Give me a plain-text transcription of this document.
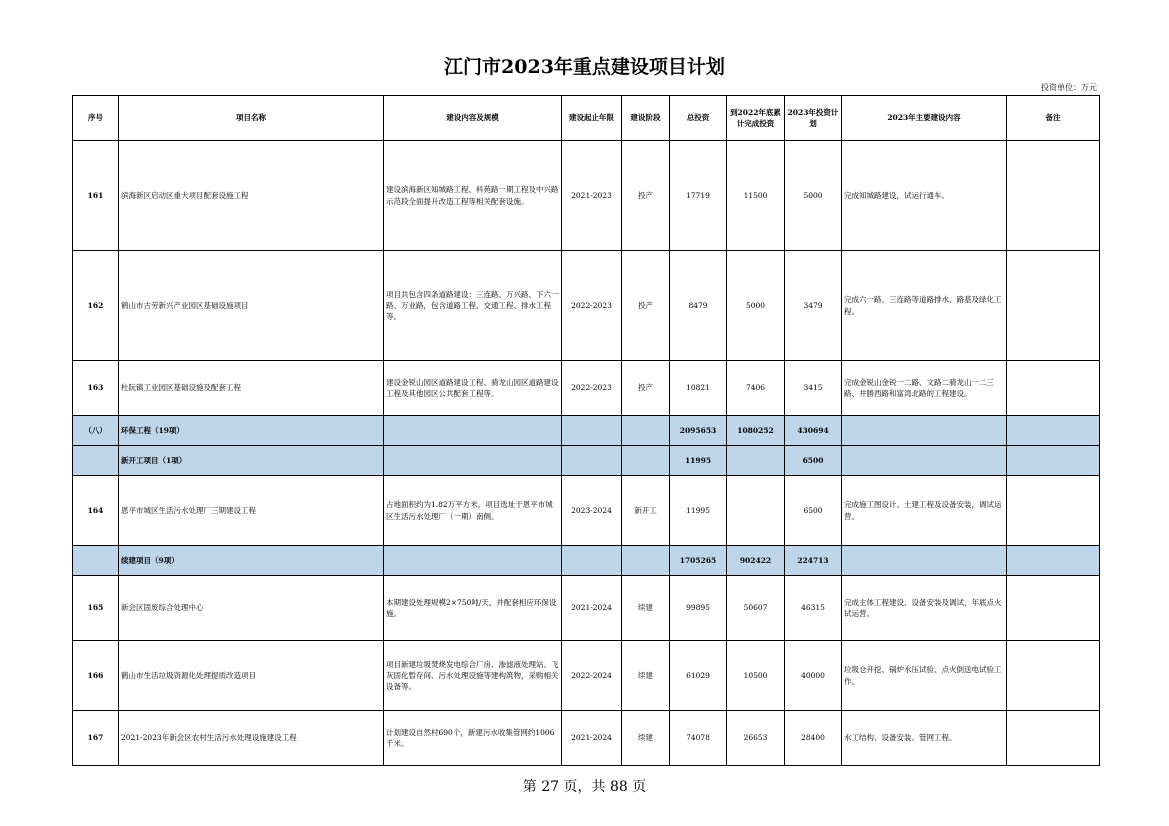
江门市2023年重点建设项目计划
投资单位：万元
序号	项目名称	建设内容及规模	建设起止年限	建设阶段	总投资	到2022年底累计完成投资	2023年投资计划	2023年主要建设内容	备注
161	滨海新区启动区重大项目配套设施工程	建设滨海新区知城路工程、科苑路一期工程及中兴路示范段全面提升改造工程等相关配套设施。	2021-2023	投产	17719	11500	5000	完成知城路建设，试运行通车。	
162	鹤山市古劳新兴产业园区基础设施项目	项目共包含四条道路建设：三连路、万兴路、下六一路、万业路，包含道路工程、交通工程、排水工程等。	2022-2023	投产	8479	5000	3479	完成六一路、三连路等道路排水、路基及绿化工程。	
163	杜阮镇工业园区基础设施及配套工程	建设金锐山园区道路建设工程、骑龙山园区道路建设工程及其他园区公共配套工程等。	2022-2023	投产	10821	7406	3415	完成金锐山金锐一二路、文路二骑龙山一二三路、井勝西路和富湾北路的工程建设。	
（八）	环保工程（19项）				2095653	1080252	430694		
	新开工项目（1项）				11995		6500		
164	恩平市城区生活污水处理厂三期建设工程	占地面积约为1.82万平方米，项目选址于恩平市城区生活污水处理厂（一期）南侧。	2023-2024	新开工	11995		6500	完成施工图设计、土建工程及设备安装，调试运营。	
	续建项目（9项）				1705265	902422	224713		
165	新会区固废综合处理中心	本期建设处理规模2×750吨/天，并配套相应环保设施。	2021-2024	续建	99895	50607	46315	完成主体工程建设、设备安装及调试，年底点火试运营。	
166	鹤山市生活垃圾资源化处理提质改造项目	项目新建垃圾焚烧发电综合厂房、渗滤液处理站、飞灰固化暂存间、污水处理设施等建构筑物，采购相关设备等。	2022-2024	续建	61029	10500	40000	垃圾仓开挖、锅炉水压试验、点火倒送电试验工作。	
167	2021-2023年新会区农村生活污水处理设施建设工程	计划建设自然村690个，新建污水收集管网约1006千米。	2021-2024	续建	74078	26653	28400	水工结构、设备安装、管网工程。	
第 27 页，共 88 页
